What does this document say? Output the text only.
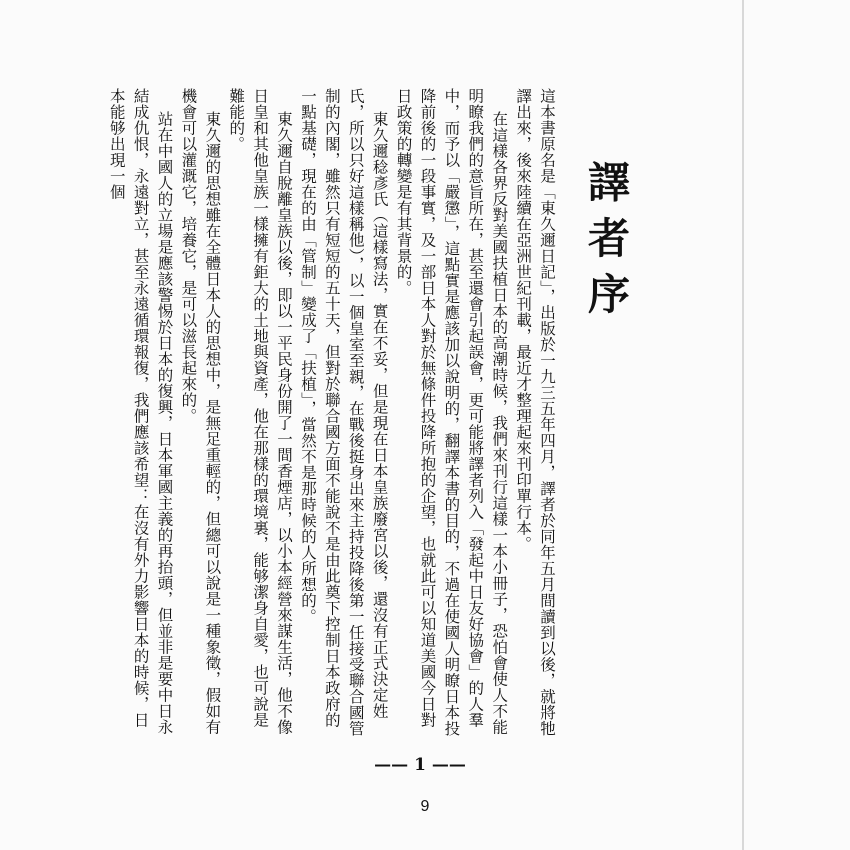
譯者序

這本書原名是「東久邇日記」，出版於一九三五年四月，譯者於同年五月間讀到以後，就將牠譯出來，後來陸續在亞洲世紀刊載，最近才整理起來刊印單行本。

在這樣各界反對美國扶植日本的高潮時候，我們來刊行這樣一本小冊子，恐怕會使人不能明瞭我們的意旨所在，甚至還會引起誤會，更可能將譯者列入「發起中日友好協會」的人羣中，而予以「嚴懲」，這點實是應該加以說明的，翻譯本書的目的，不過在使國人明瞭日本投降前後的一段事實，及一部日本人對於無條件投降所抱的企望，也就此可以知道美國今日對日政策的轉變是有其背景的。

東久邇稔彥氏（這樣寫法，實在不妥，但是現在日本皇族廢宮以後，還沒有正式決定姓氏，所以只好這樣稱他），以一個皇室至親，在戰後挺身出來主持投降後第一任接受聯合國管制的內閣，雖然只有短短的五十天，但對於聯合國方面不能說不是由此奠下控制日本政府的一點基礎，現在的由「管制」變成了「扶植」，當然不是那時候的人所想的。

東久邇自脫離皇族以後，即以一平民身份開了一間香煙店，以小本經營來謀生活，他不像日皇和其他皇族一樣擁有鉅大的土地與資產，他在那樣的環境裏，能够潔身自愛，也可說是難能的。

東久邇的思想雖在全體日本人的思想中，是無足重輕的，但總可以說是一種象徵，假如有機會可以灌溉它，培養它，是可以滋長起來的。

站在中國人的立場是應該警惕於日本的復興，日本軍國主義的再抬頭，但並非是要中日永結成仇恨，永遠對立，甚至永遠循環報復，我們應該希望：在沒有外力影響日本的時候，日本能够出現一個

—— 1 ——
9
